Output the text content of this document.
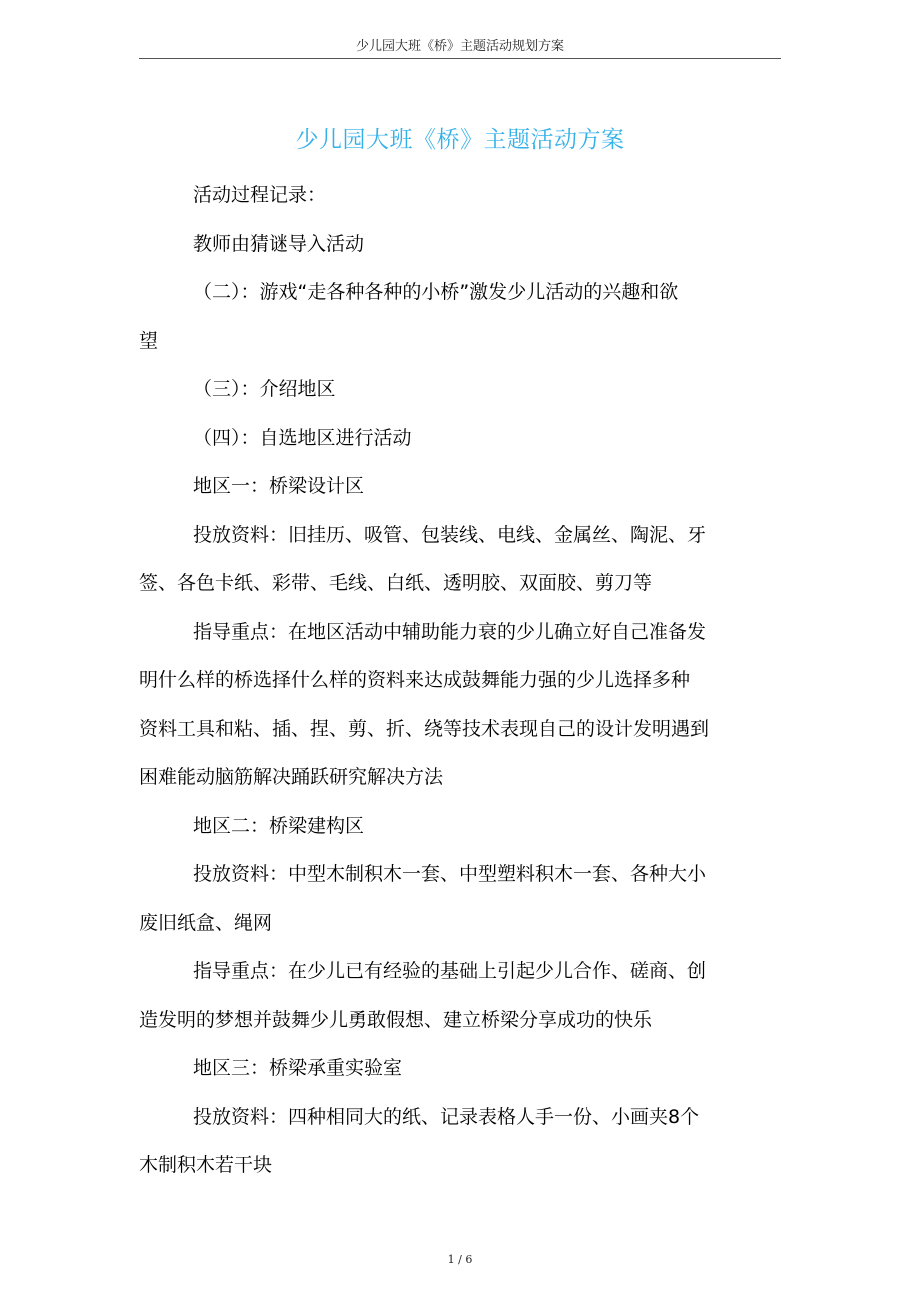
少儿园大班《桥》主题活动规划方案
少儿园大班《桥》主题活动方案

活动过程记录：

教师由猜谜导入活动

（二）：游戏“走各种各种的小桥”激发少儿活动的兴趣和欲

望

（三）：介绍地区

（四）：自选地区进行活动

地区一：桥梁设计区

投放资料：旧挂历、吸管、包装线、电线、金属丝、陶泥、牙

签、各色卡纸、彩带、毛线、白纸、透明胶、双面胶、剪刀等

指导重点：在地区活动中辅助能力衰的少儿确立好自己准备发

明什么样的桥选择什么样的资料来达成鼓舞能力强的少儿选择多种

资料工具和粘、插、捏、剪、折、绕等技术表现自己的设计发明遇到

困难能动脑筋解决踊跃研究解决方法

地区二：桥梁建构区

投放资料：中型木制积木一套、中型塑料积木一套、各种大小

废旧纸盒、绳网

指导重点：在少儿已有经验的基础上引起少儿合作、磋商、创

造发明的梦想并鼓舞少儿勇敢假想、建立桥梁分享成功的快乐

地区三：桥梁承重实验室

投放资料：四种相同大的纸、记录表格人手一份、小画夹8个

木制积木若干块

1 / 6
